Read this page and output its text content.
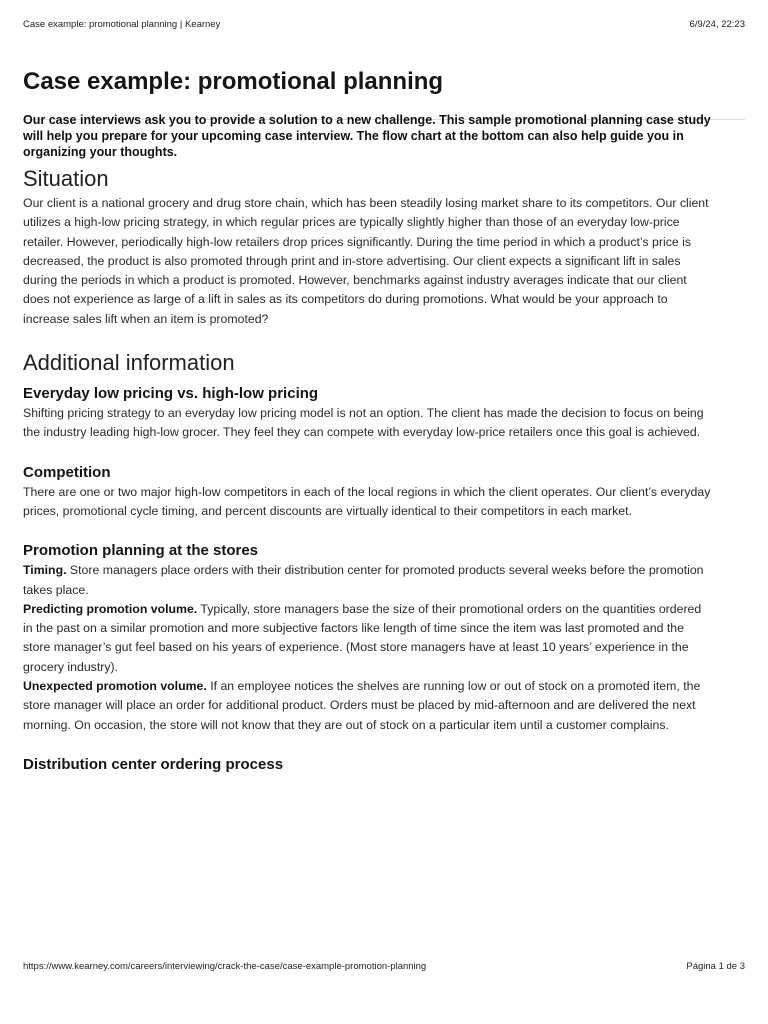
Case example: promotional planning | Kearney	6/9/24, 22:23
Case example: promotional planning

Our case interviews ask you to provide a solution to a new challenge. This sample promotional planning case study will help you prepare for your upcoming case interview. The flow chart at the bottom can also help guide you in organizing your thoughts.

Situation

Our client is a national grocery and drug store chain, which has been steadily losing market share to its competitors. Our client utilizes a high-low pricing strategy, in which regular prices are typically slightly higher than those of an everyday low-price retailer. However, periodically high-low retailers drop prices significantly. During the time period in which a product’s price is decreased, the product is also promoted through print and in-store advertising. Our client expects a significant lift in sales during the periods in which a product is promoted. However, benchmarks against industry averages indicate that our client does not experience as large of a lift in sales as its competitors do during promotions. What would be your approach to increase sales lift when an item is promoted?

Additional information
Everyday low pricing vs. high-low pricing

Shifting pricing strategy to an everyday low pricing model is not an option. The client has made the decision to focus on being the industry leading high-low grocer. They feel they can compete with everyday low-price retailers once this goal is achieved.

Competition

There are one or two major high-low competitors in each of the local regions in which the client operates. Our client’s everyday prices, promotional cycle timing, and percent discounts are virtually identical to their competitors in each market.

Promotion planning at the stores

Timing. Store managers place orders with their distribution center for promoted products several weeks before the promotion takes place.

Predicting promotion volume. Typically, store managers base the size of their promotional orders on the quantities ordered in the past on a similar promotion and more subjective factors like length of time since the item was last promoted and the store manager’s gut feel based on his years of experience. (Most store managers have at least 10 years’ experience in the grocery industry).

Unexpected promotion volume. If an employee notices the shelves are running low or out of stock on a promoted item, the store manager will place an order for additional product. Orders must be placed by mid-afternoon and are delivered the next morning. On occasion, the store will not know that they are out of stock on a particular item until a customer complains.

Distribution center ordering process
https://www.kearney.com/careers/interviewing/crack-the-case/case-example-promotion-planning	Página 1 de 3
